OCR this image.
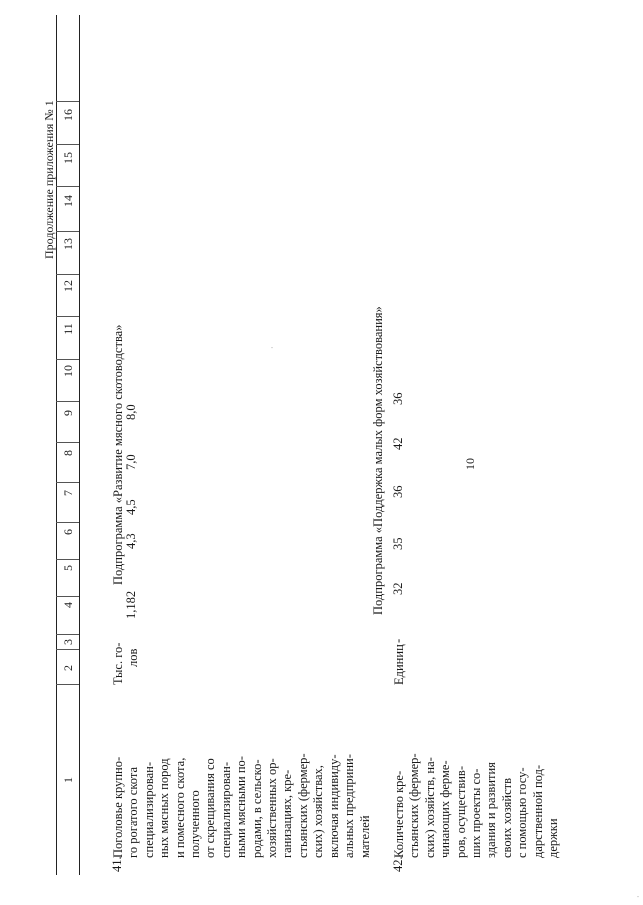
1
2
3
4
5
6
7
8
9
10
11
12
13
14
15
16
10
Продолжение приложения № 1
Подпрограмма «Развитие мясного скотоводства»
41.
Поголовье крупно- го рогатого скота специализирован- ных мясных пород и помесного скота, полученного от скрещивания со специализирован- ными мясными по- родами, в сельско- хозяйственных ор- ганизациях, кре- стьянских (фермер- ских) хозяйствах, включая индивиду- альных предприни- мателей
Тыс. го- лов
1,182
4,3
4,5
7,0
8,0	Подпрограмма «Поддержка малых форм хозяйствования»
42.
Количество кре- стьянских (фермер- ских) хозяйств, на- чинающих ферме- ров, осуществив- ших проекты со- здания и развития своих хозяйств с помощью госу- дарственной под- держки
Единиц
-
32
35
36
42
36
·
·
